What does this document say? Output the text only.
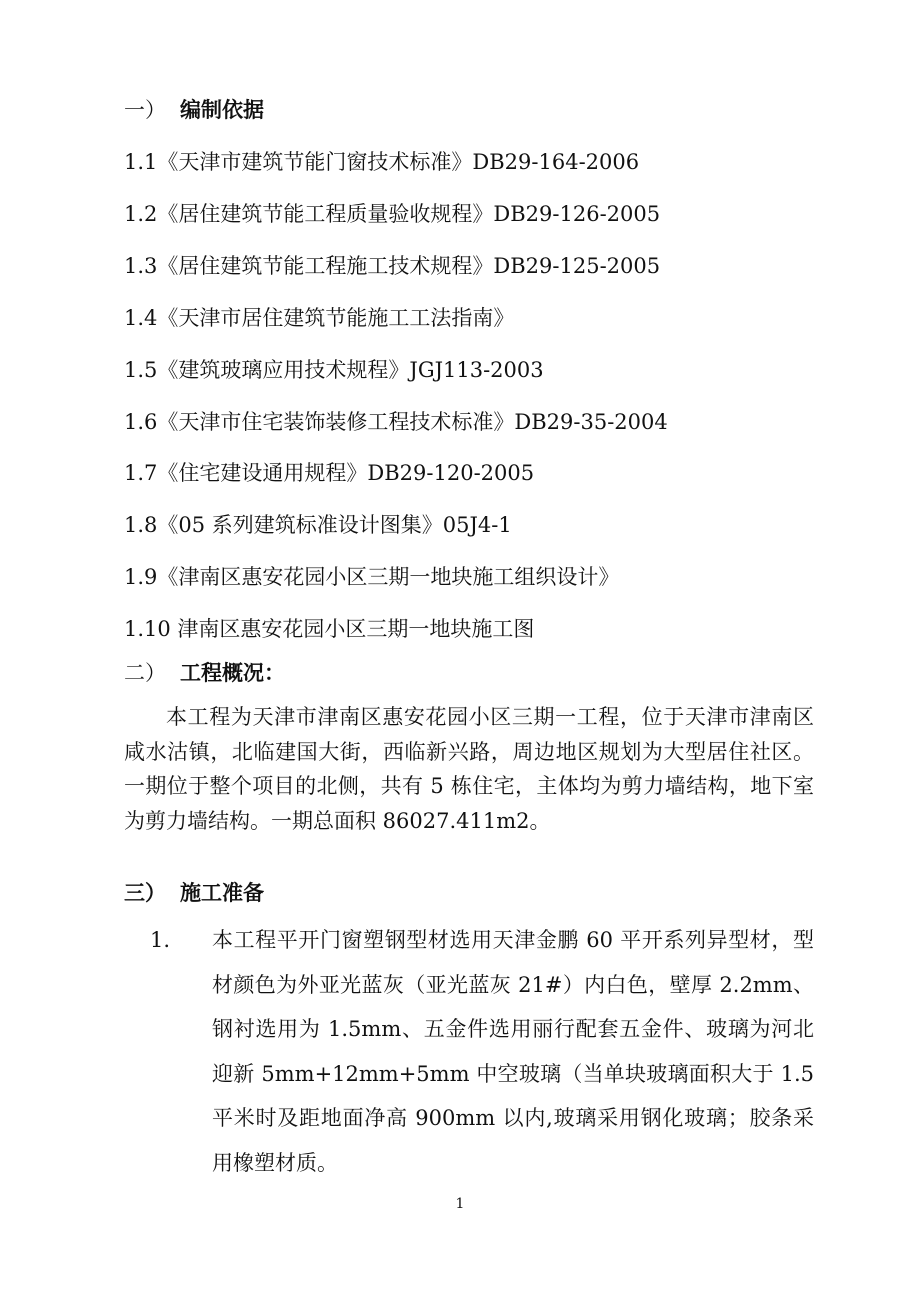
一） 编制依据
1.1《天津市建筑节能门窗技术标准》DB29-164-2006
1.2《居住建筑节能工程质量验收规程》DB29-126-2005
1.3《居住建筑节能工程施工技术规程》DB29-125-2005
1.4《天津市居住建筑节能施工工法指南》
1.5《建筑玻璃应用技术规程》JGJ113-2003
1.6《天津市住宅装饰装修工程技术标准》DB29-35-2004
1.7《住宅建设通用规程》DB29-120-2005
1.8《05 系列建筑标准设计图集》05J4-1
1.9《津南区惠安花园小区三期一地块施工组织设计》
1.10 津南区惠安花园小区三期一地块施工图
二） 工程概况：
本工程为天津市津南区惠安花园小区三期一工程，位于天津市津南区咸水沽镇，北临建国大街，西临新兴路，周边地区规划为大型居住社区。一期位于整个项目的北侧，共有 5 栋住宅，主体均为剪力墙结构，地下室为剪力墙结构。一期总面积 86027.411m2。
三） 施工准备
1. 本工程平开门窗塑钢型材选用天津金鹏 60 平开系列异型材，型材颜色为外亚光蓝灰（亚光蓝灰 21#）内白色，壁厚 2.2mm、钢衬选用为 1.5mm、五金件选用丽行配套五金件、玻璃为河北迎新 5mm+12mm+5mm 中空玻璃（当单块玻璃面积大于 1.5 平米时及距地面净高 900mm 以内,玻璃采用钢化玻璃；胶条采用橡塑材质。
1
